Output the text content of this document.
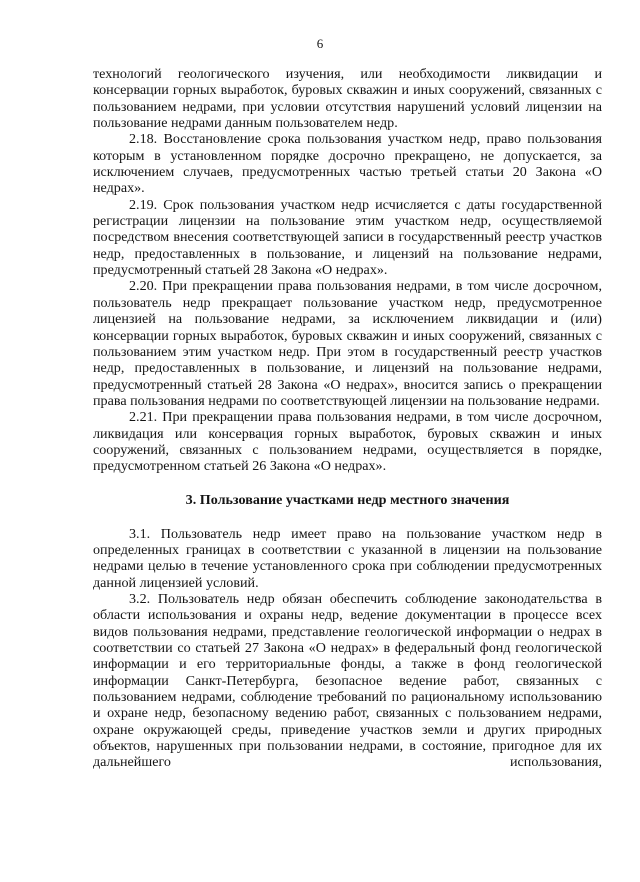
6

технологий геологического изучения, или необходимости ликвидации и консервации горных выработок, буровых скважин и иных сооружений, связанных с пользованием недрами, при условии отсутствия нарушений условий лицензии на пользование недрами данным пользователем недр.

2.18. Восстановление срока пользования участком недр, право пользования которым в установленном порядке досрочно прекращено, не допускается, за исключением случаев, предусмотренных частью третьей статьи 20 Закона «О недрах».

2.19. Срок пользования участком недр исчисляется с даты государственной регистрации лицензии на пользование этим участком недр, осуществляемой посредством внесения соответствующей записи в государственный реестр участков недр, предоставленных в пользование, и лицензий на пользование недрами, предусмотренный статьей 28 Закона «О недрах».

2.20. При прекращении права пользования недрами, в том числе досрочном, пользователь недр прекращает пользование участком недр, предусмотренное лицензией на пользование недрами, за исключением ликвидации и (или) консервации горных выработок, буровых скважин и иных сооружений, связанных с пользованием этим участком недр. При этом в государственный реестр участков недр, предоставленных в пользование, и лицензий на пользование недрами, предусмотренный статьей 28 Закона «О недрах», вносится запись о прекращении права пользования недрами по соответствующей лицензии на пользование недрами.

2.21. При прекращении права пользования недрами, в том числе досрочном, ликвидация или консервация горных выработок, буровых скважин и иных сооружений, связанных с пользованием недрами, осуществляется в порядке, предусмотренном статьей 26 Закона «О недрах».

3. Пользование участками недр местного значения

3.1. Пользователь недр имеет право на пользование участком недр в определенных границах в соответствии с указанной в лицензии на пользование недрами целью в течение установленного срока при соблюдении предусмотренных данной лицензией условий.

3.2. Пользователь недр обязан обеспечить соблюдение законодательства в области использования и охраны недр, ведение документации в процессе всех видов пользования недрами, представление геологической информации о недрах в соответствии со статьей 27 Закона «О недрах» в федеральный фонд геологической информации и его территориальные фонды, а также в фонд геологической информации Санкт-Петербурга, безопасное ведение работ, связанных с пользованием недрами, соблюдение требований по рациональному использованию и охране недр, безопасному ведению работ, связанных с пользованием недрами, охране окружающей среды, приведение участков земли и других природных объектов, нарушенных при пользовании недрами, в состояние, пригодное для их дальнейшего использования,
